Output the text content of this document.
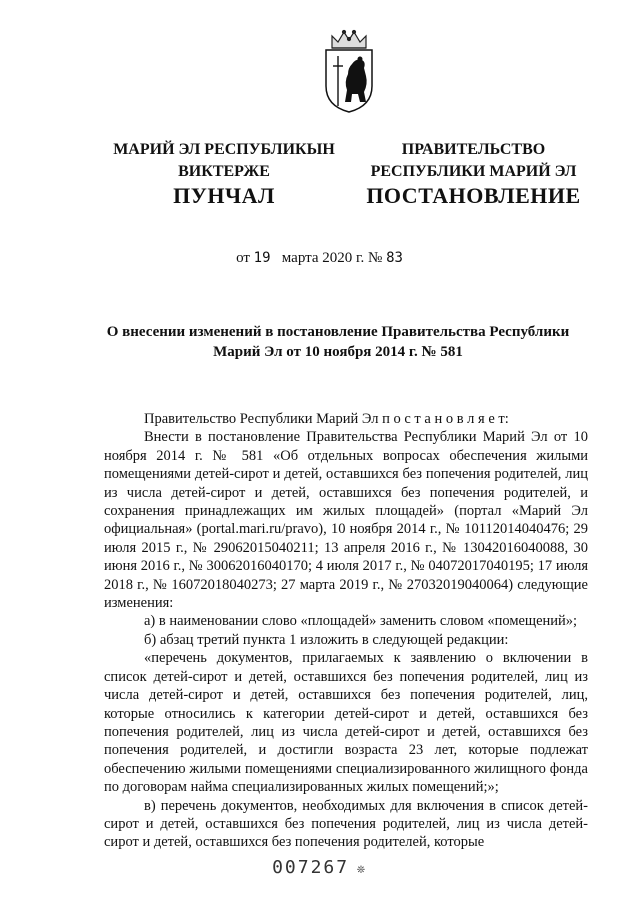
МАРИЙ ЭЛ РЕСПУБЛИКЫН
ВИКТЕРЖЕ
ПРАВИТЕЛЬСТВО
РЕСПУБЛИКИ МАРИЙ ЭЛ
ПУНЧАЛ	ПОСТАНОВЛЕНИЕ
от 19 марта 2020 г. № 83
О внесении изменений в постановление Правительства Республики
Марий Эл от 10 ноября 2014 г. № 581

Правительство Республики Марий Эл п о с т а н о в л я е т:

Внести в постановление Правительства Республики Марий Эл от 10 ноября 2014 г. № 581 «Об отдельных вопросах обеспечения жилыми помещениями детей-сирот и детей, оставшихся без попечения родителей, лиц из числа детей-сирот и детей, оставшихся без попечения родителей, и сохранения принадлежащих им жилых площадей» (портал «Марий Эл официальная» (portal.mari.ru/pravo), 10 ноября 2014 г., № 10112014040476; 29 июля 2015 г., № 29062015040211; 13 апреля 2016 г., № 13042016040088, 30 июня 2016 г., № 30062016040170; 4 июля 2017 г., № 04072017040195; 17 июля 2018 г., № 16072018040273; 27 марта 2019 г., № 27032019040064) следующие изменения:

а) в наименовании слово «площадей» заменить словом «помещений»;

б) абзац третий пункта 1 изложить в следующей редакции:

«перечень документов, прилагаемых к заявлению о включении в список детей-сирот и детей, оставшихся без попечения родителей, лиц из числа детей-сирот и детей, оставшихся без попечения родителей, лиц, которые относились к категории детей-сирот и детей, оставшихся без попечения родителей, лиц из числа детей-сирот и детей, оставшихся без попечения родителей, и достигли возраста 23 лет, которые подлежат обеспечению жилыми помещениями специализированного жилищного фонда по договорам найма специализированных жилых помещений;»;

в) перечень документов, необходимых для включения в список детей-сирот и детей, оставшихся без попечения родителей, лиц из числа детей-сирот и детей, оставшихся без попечения родителей, которые

007267 ❊
